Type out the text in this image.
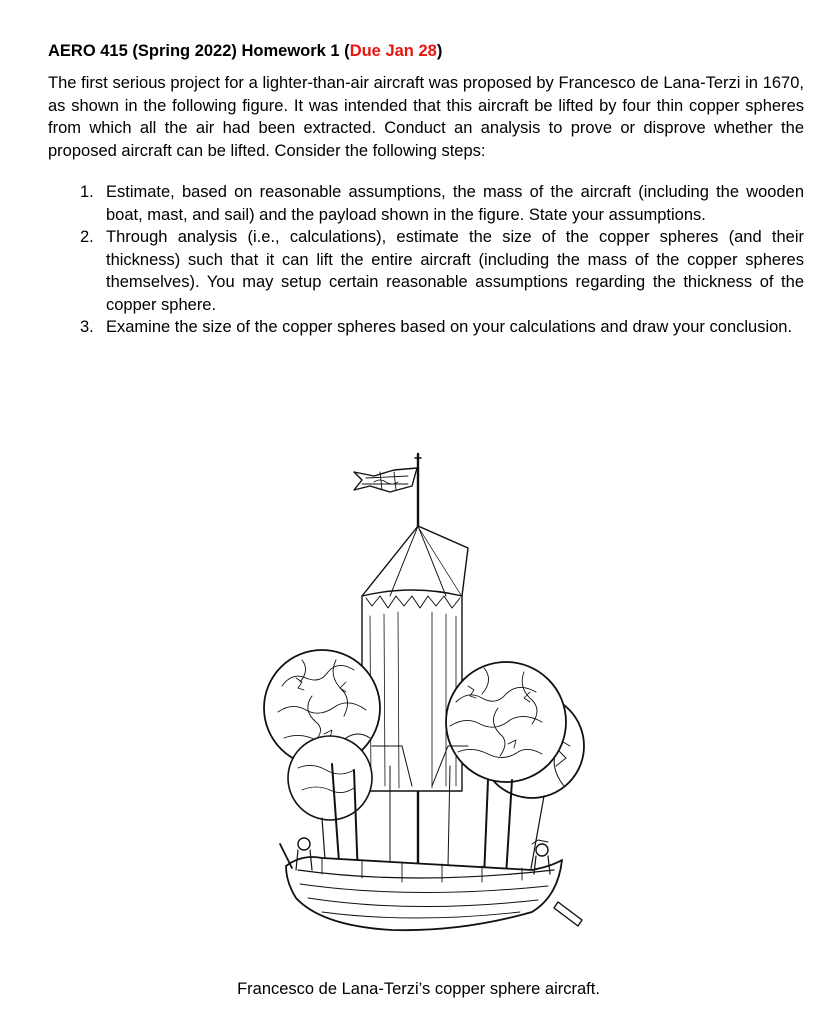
AERO 415 (Spring 2022) Homework 1 (Due Jan 28)

The first serious project for a lighter-than-air aircraft was proposed by Francesco de Lana-Terzi in 1670, as shown in the following figure. It was intended that this aircraft be lifted by four thin copper spheres from which all the air had been extracted. Conduct an analysis to prove or disprove whether the proposed aircraft can be lifted. Consider the following steps:

1. Estimate, based on reasonable assumptions, the mass of the aircraft (including the wooden boat, mast, and sail) and the payload shown in the figure. State your assumptions.
2. Through analysis (i.e., calculations), estimate the size of the copper spheres (and their thickness) such that it can lift the entire aircraft (including the mass of the copper spheres themselves). You may setup certain reasonable assumptions regarding the thickness of the copper sphere.
3. Examine the size of the copper spheres based on your calculations and draw your conclusion.
Francesco de Lana-Terzi’s copper sphere aircraft.
